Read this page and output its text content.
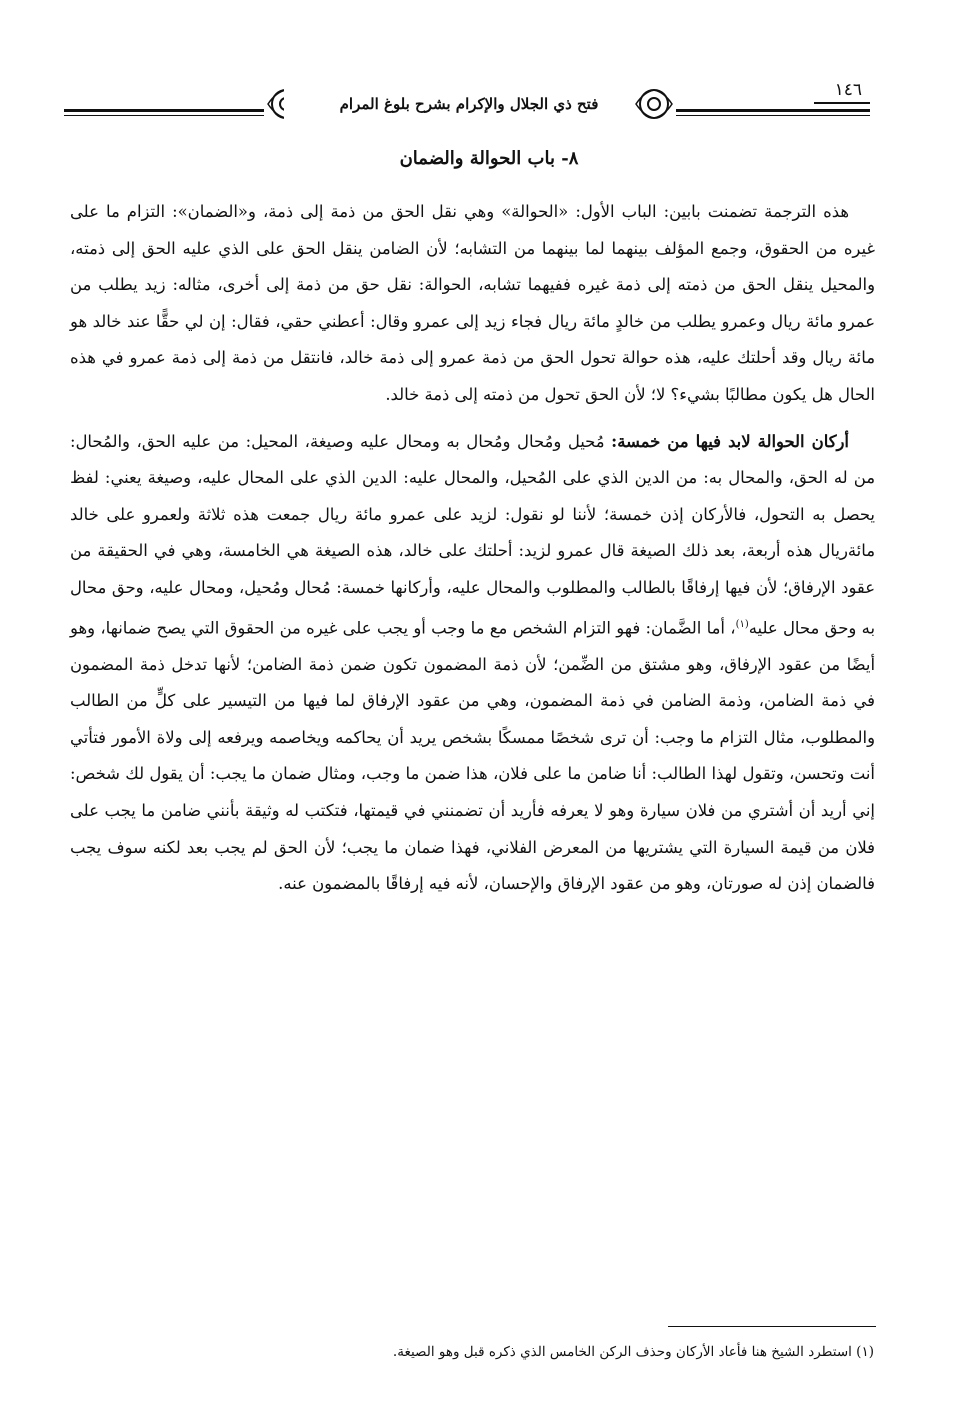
فتح ذي الجلال والإكرام بشرح بلوغ المرام
١٤٦
٨- باب الحوالة والضمان

هذه الترجمة تضمنت بابين: الباب الأول: «الحوالة» وهي نقل الحق من ذمة إلى ذمة، و«الضمان»: التزام ما على غيره من الحقوق، وجمع المؤلف بينهما لما بينهما من التشابه؛ لأن الضامن ينقل الحق على الذي عليه الحق إلى ذمته، والمحيل ينقل الحق من ذمته إلى ذمة غيره ففيهما تشابه، الحوالة: نقل حق من ذمة إلى أخرى، مثاله: زيد يطلب من عمرو مائة ريال وعمرو يطلب من خالدٍ مائة ريال فجاء زيد إلى عمرو وقال: أعطني حقي، فقال: إن لي حقًّا عند خالد هو مائة ريال وقد أحلتك عليه، هذه حوالة تحول الحق من ذمة عمرو إلى ذمة خالد، فانتقل من ذمة إلى ذمة عمرو في هذه الحال هل يكون مطالبًا بشيء؟ لا؛ لأن الحق تحول من ذمته إلى ذمة خالد.

أركان الحوالة لابد فيها من خمسة: مُحيل ومُحال ومُحال به ومحال عليه وصيغة، المحيل: من عليه الحق، والمُحال: من له الحق، والمحال به: من الدين الذي على المُحيل، والمحال عليه: الدين الذي على المحال عليه، وصيغة يعني: لفظ يحصل به التحول، فالأركان إذن خمسة؛ لأننا لو نقول: لزيد على عمرو مائة ريال جمعت هذه ثلاثة ولعمرو على خالد مائةريال هذه أربعة، بعد ذلك الصيغة قال عمرو لزيد: أحلتك على خالد، هذه الصيغة هي الخامسة، وهي في الحقيقة من عقود الإرفاق؛ لأن فيها إرفاقًا بالطالب والمطلوب والمحال عليه، وأركانها خمسة: مُحال ومُحيل، ومحال عليه، وحق محال به وحق محال عليه$^{(١)}$، أما الضَّمان: فهو التزام الشخص مع ما وجب أو يجب على غيره من الحقوق التي يصح ضمانها، وهو أيضًا من عقود الإرفاق، وهو مشتق من الضِّمن؛ لأن ذمة المضمون تكون ضمن ذمة الضامن؛ لأنها تدخل ذمة المضمون في ذمة الضامن، وذمة الضامن في ذمة المضمون، وهي من عقود الإرفاق لما فيها من التيسير على كلٍّ من الطالب والمطلوب، مثال التزام ما وجب: أن ترى شخصًا ممسكًا بشخص يريد أن يحاكمه ويخاصمه ويرفعه إلى ولاة الأمور فتأتي أنت وتحسن، وتقول لهذا الطالب: أنا ضامن ما على فلان، هذا ضمن ما وجب، ومثال ضمان ما يجب: أن يقول لك شخص: إني أريد أن أشتري من فلان سيارة وهو لا يعرفه فأريد أن تضمنني في قيمتها، فتكتب له وثيقة بأنني ضامن ما يجب على فلان من قيمة السيارة التي يشتريها من المعرض الفلاني، فهذا ضمان ما يجب؛ لأن الحق لم يجب بعد لكنه سوف يجب فالضمان إذن له صورتان، وهو من عقود الإرفاق والإحسان، لأنه فيه إرفاقًا بالمضمون عنه.

(١) استطرد الشيخ هنا فأعاد الأركان وحذف الركن الخامس الذي ذكره قبل وهو الصيغة.
